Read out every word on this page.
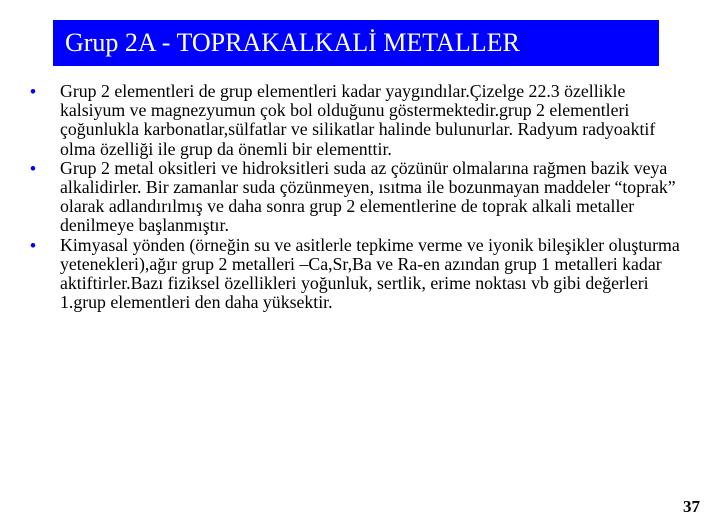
Grup 2A - TOPRAKALKALİ METALLER
• Grup 2 elementleri de grup elementleri kadar yaygındılar.Çizelge 22.3 özellikle kalsiyum ve magnezyumun çok bol olduğunu göstermektedir.grup 2 elementleri çoğunlukla karbonatlar,sülfatlar ve silikatlar halinde bulunurlar. Radyum radyoaktif olma özelliği ile grup da önemli bir elementtir.
• Grup 2 metal oksitleri ve hidroksitleri suda az çözünür olmalarına rağmen bazik veya alkalidirler. Bir zamanlar suda çözünmeyen, ısıtma ile bozunmayan maddeler “toprak” olarak adlandırılmış ve daha sonra grup 2 elementlerine de toprak alkali metaller denilmeye başlanmıştır.
• Kimyasal yönden (örneğin su ve asitlerle tepkime verme ve iyonik bileşikler oluşturma yetenekleri),ağır grup 2 metalleri –Ca,Sr,Ba ve Ra-en azından grup 1 metalleri kadar aktiftirler.Bazı fiziksel özellikleri yoğunluk, sertlik, erime noktası vb gibi değerleri 1.grup elementleri den daha yüksektir.
37
